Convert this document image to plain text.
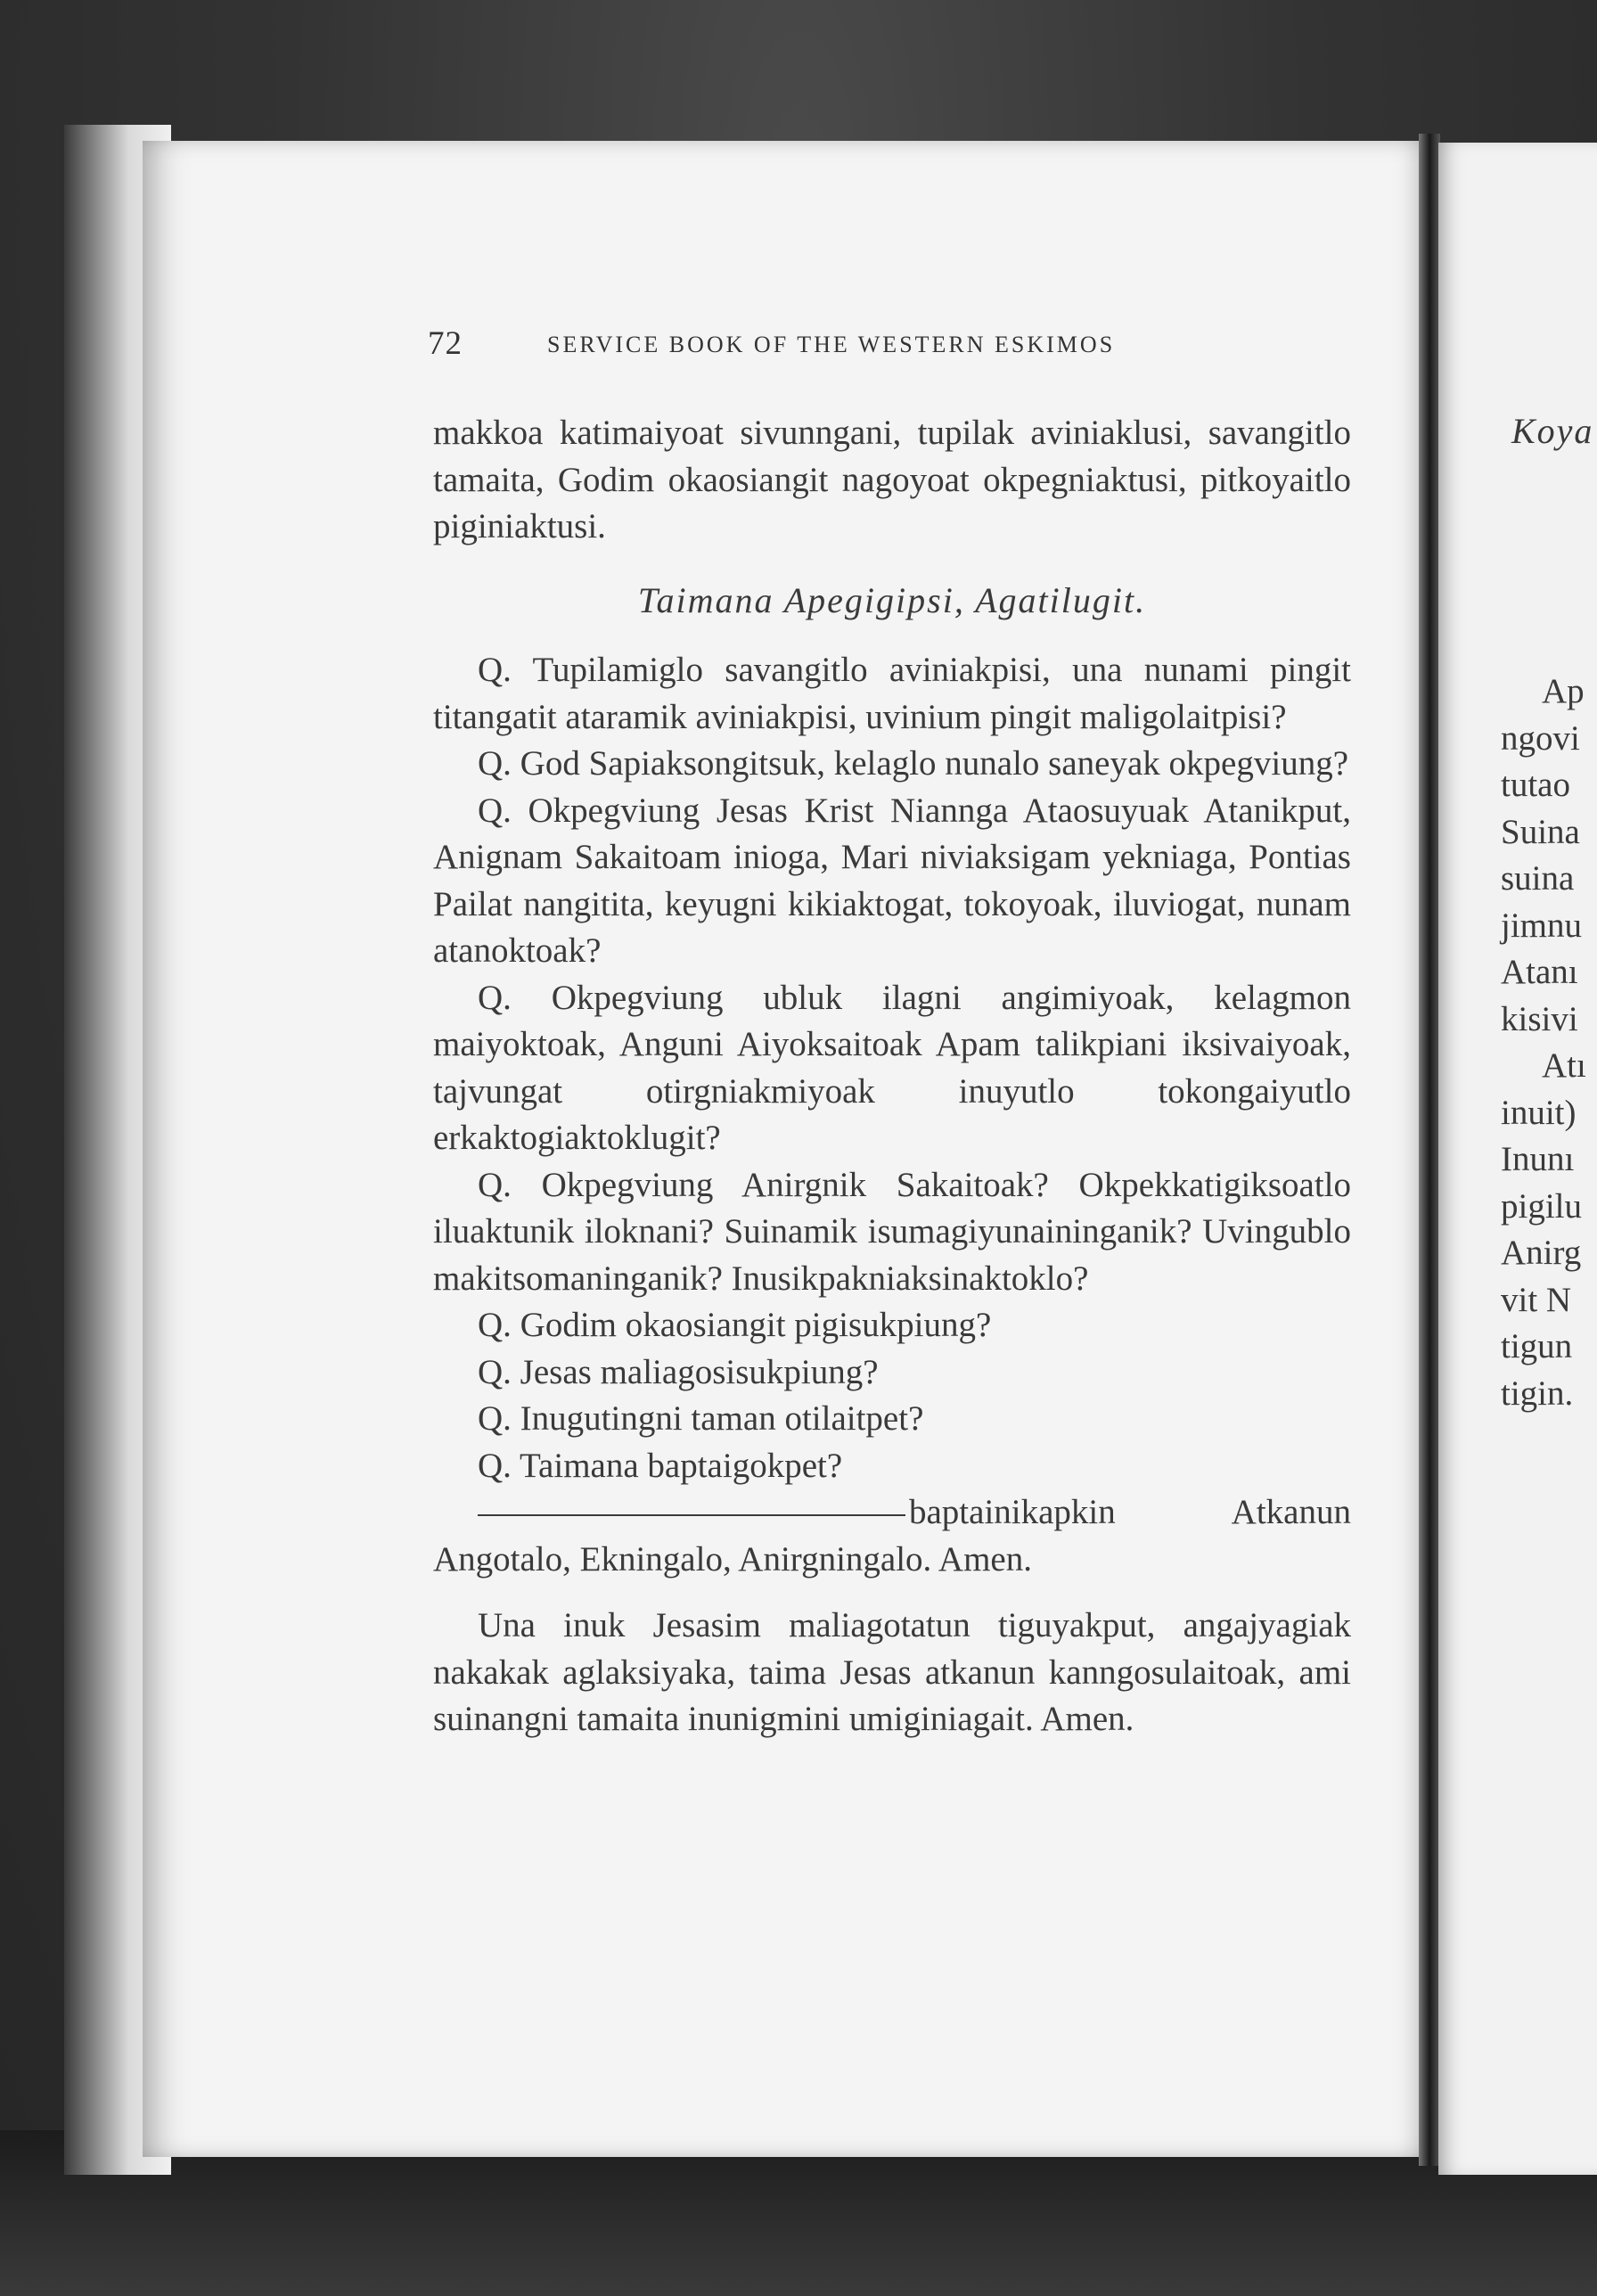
Koya
Ap
ngovi
tutao
Suina
suina
jimnu
Atanı
kisivi
Atı
inuit)
Inunı
pigilu
Anirg
vit N
tigun
tigin.
72	SERVICE BOOK OF THE WESTERN ESKIMOS

makkoa katimaiyoat sivunngani, tupilak aviniaklusi, savangitlo tamaita, Godim okaosiangit nagoyoat okpegniaktusi, pitkoyaitlo piginiaktusi.

Taimana Apegigipsi, Agatilugit.

Q. Tupilamiglo savangitlo aviniakpisi, una nunami pingit titangatit ataramik aviniakpisi, uvinium pingit maligolaitpisi?

Q. God Sapiaksongitsuk, kelaglo nunalo saneyak okpegviung?

Q. Okpegviung Jesas Krist Niannga Ataosuyuak Atanikput, Anignam Sakaitoam inioga, Mari niviaksigam yekniaga, Pontias Pailat nangitita, keyugni kikiaktogat, tokoyoak, iluviogat, nunam atanoktoak?

Q. Okpegviung ubluk ilagni angimiyoak, kelagmon maiyoktoak, Anguni Aiyoksaitoak Apam talikpiani iksivaiyoak, tajvungat otirgniakmiyoak inuyutlo tokongaiyutlo erkaktogiaktoklugit?

Q. Okpegviung Anirgnik Sakaitoak? Okpekkatigiksoatlo iluaktunik iloknani? Suinamik isumagiyunaininganik? Uvingublo makitsomaninganik? Inusikpakniaksinaktoklo?

Q. Godim okaosiangit pigisukpiung?

Q. Jesas maliagosisukpiung?

Q. Inugutingni taman otilaitpet?

Q. Taimana baptaigokpet?

baptainikapkin Atkanun Angotalo, Ekningalo, Anirgningalo. Amen.

Una inuk Jesasim maliagotatun tiguyakput, angajyagiak nakakak aglaksiyaka, taima Jesas atkanun kanngosulaitoak, ami suinangni tamaita inunigmini umiginiagait. Amen.
